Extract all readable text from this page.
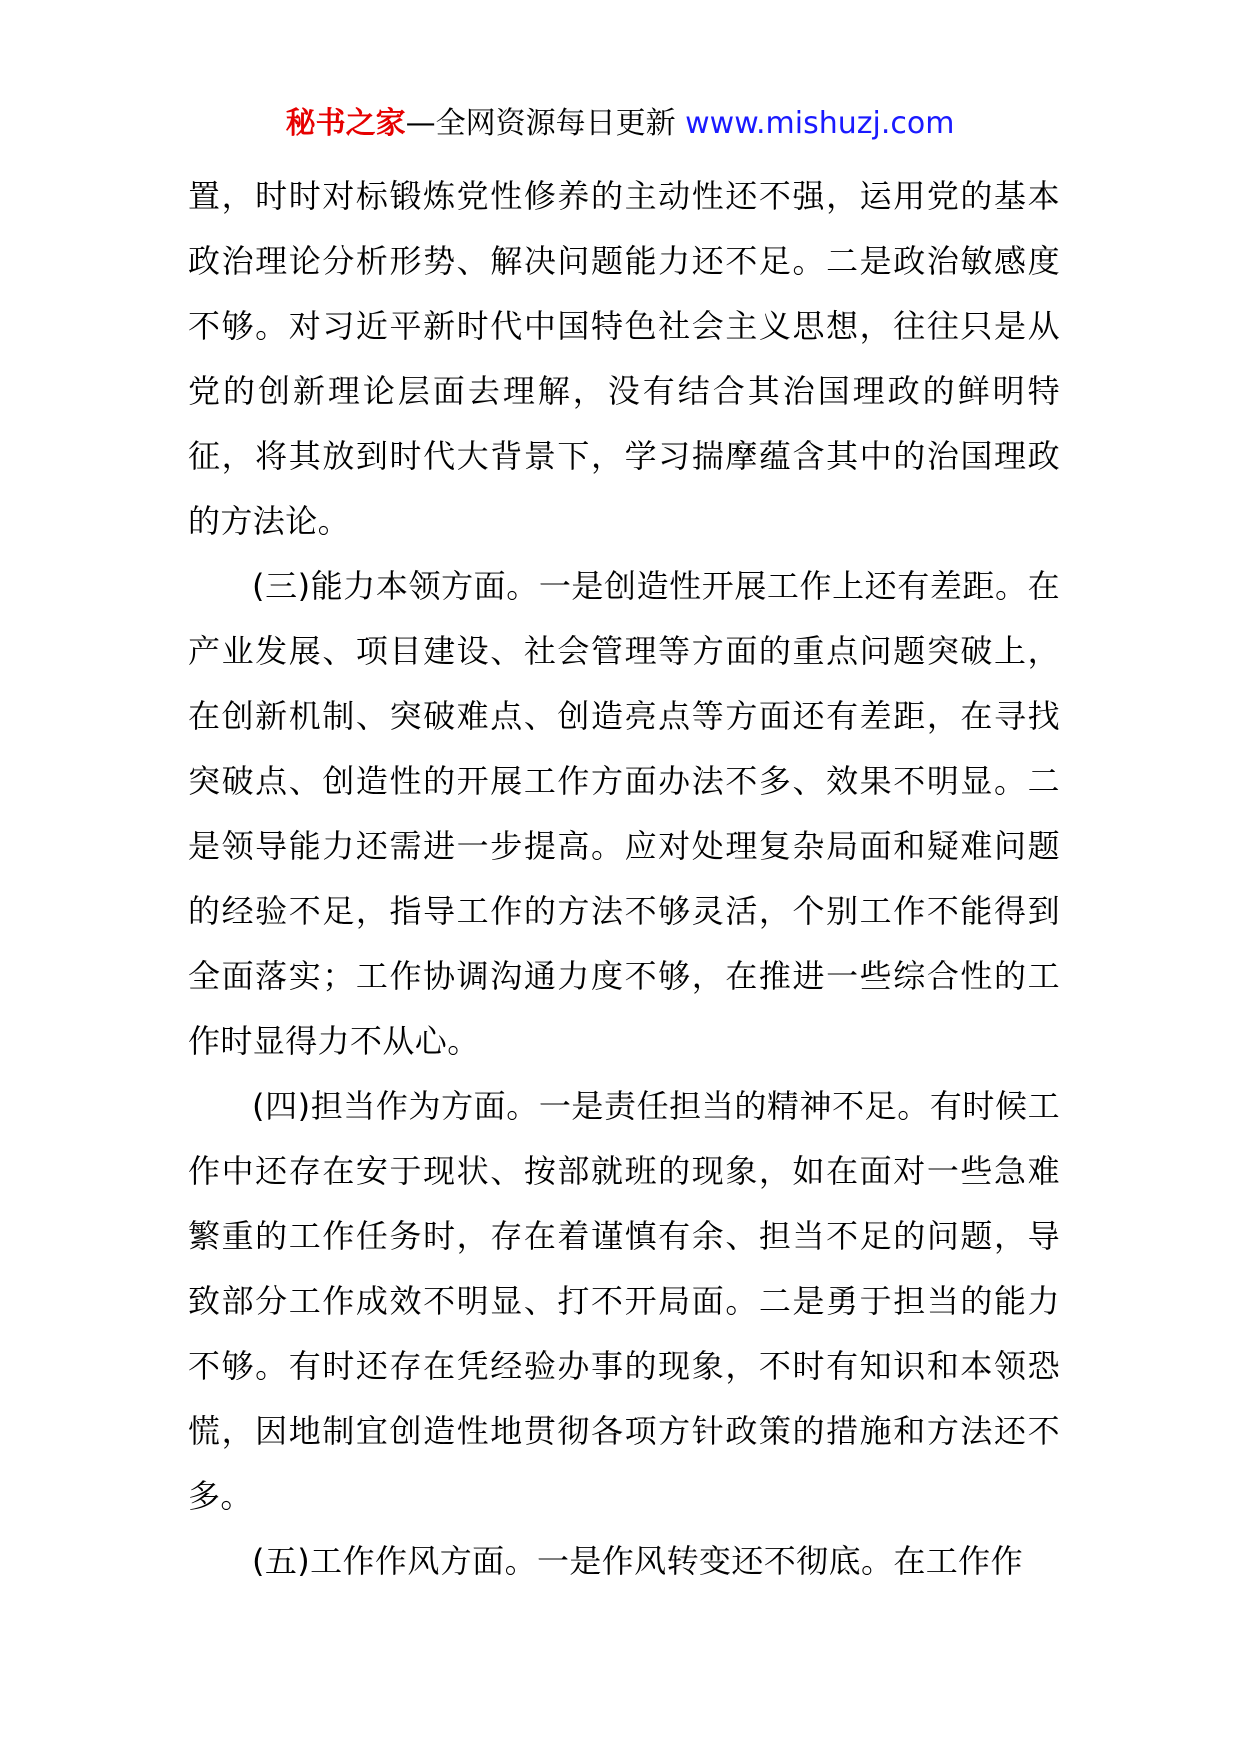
秘书之家—全网资源每日更新 www.mishuzj.com

置，时时对标锻炼党性修养的主动性还不强，运用党的基本政治理论分析形势、解决问题能力还不足。二是政治敏感度不够。对习近平新时代中国特色社会主义思想，往往只是从党的创新理论层面去理解，没有结合其治国理政的鲜明特征，将其放到时代大背景下，学习揣摩蕴含其中的治国理政的方法论。

(三)能力本领方面。一是创造性开展工作上还有差距。在产业发展、项目建设、社会管理等方面的重点问题突破上，在创新机制、突破难点、创造亮点等方面还有差距，在寻找突破点、创造性的开展工作方面办法不多、效果不明显。二是领导能力还需进一步提高。应对处理复杂局面和疑难问题的经验不足，指导工作的方法不够灵活，个别工作不能得到全面落实；工作协调沟通力度不够，在推进一些综合性的工作时显得力不从心。

(四)担当作为方面。一是责任担当的精神不足。有时候工作中还存在安于现状、按部就班的现象，如在面对一些急难繁重的工作任务时，存在着谨慎有余、担当不足的问题，导致部分工作成效不明显、打不开局面。二是勇于担当的能力不够。有时还存在凭经验办事的现象，不时有知识和本领恐慌，因地制宜创造性地贯彻各项方针政策的措施和方法还不多。

(五)工作作风方面。一是作风转变还不彻底。在工作作
